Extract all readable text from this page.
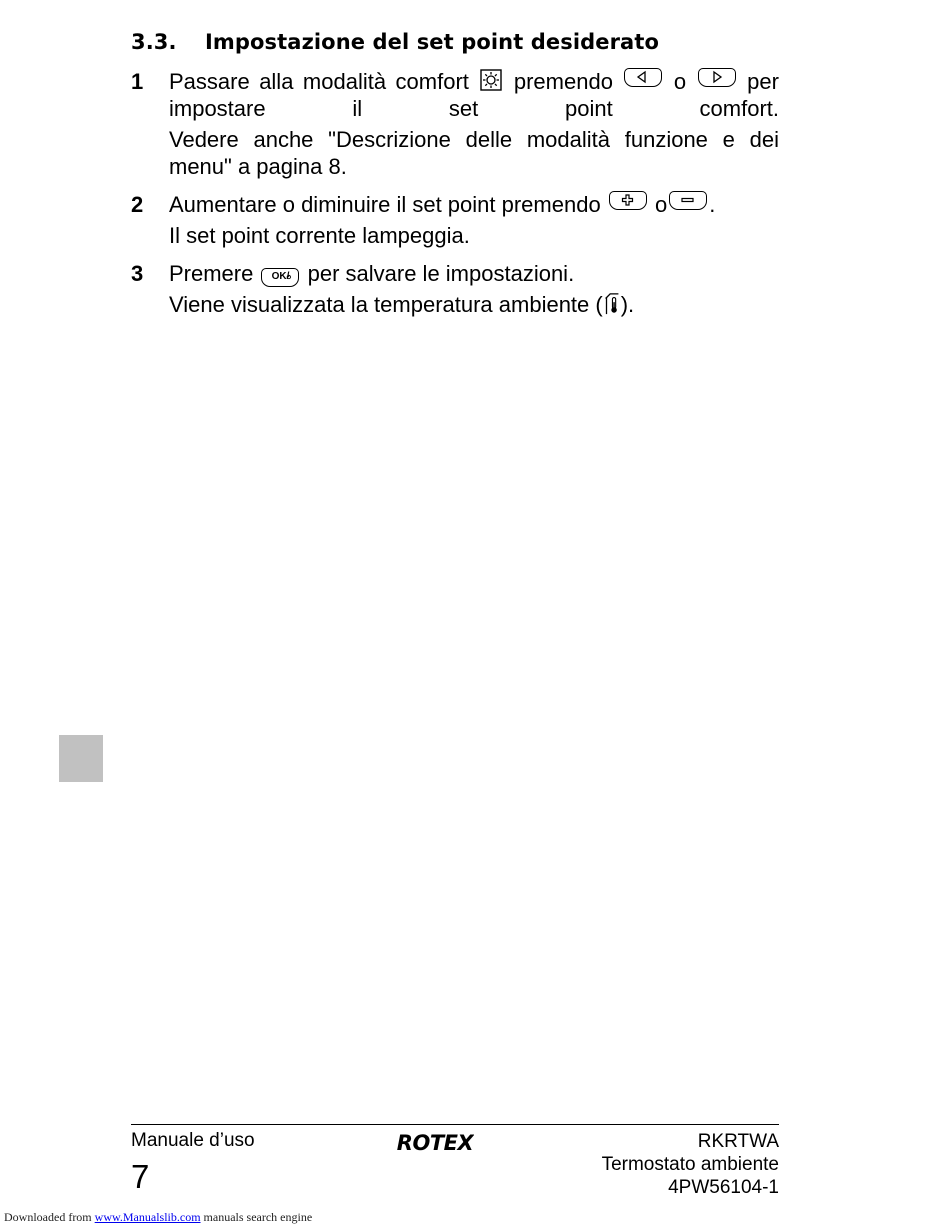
3.3. Impostazione del set point desiderato
1 Passare alla modalità comfort premendo	o	per impostare il set point comfort.

Vedere anche "Descrizione delle modalità funzione e dei menu" a pagina 8.

2 Aumentare o diminuire il set point premendo o .

Il set point corrente lampeggia.

3 Premere OK/ per salvare le impostazioni.

Viene visualizzata la temperatura ambiente ( ).

Manuale d’uso
7
ROTEX	RKRTWA
Termostato ambiente
4PW56104-1
Downloaded from www.Manualslib.com manuals search engine
